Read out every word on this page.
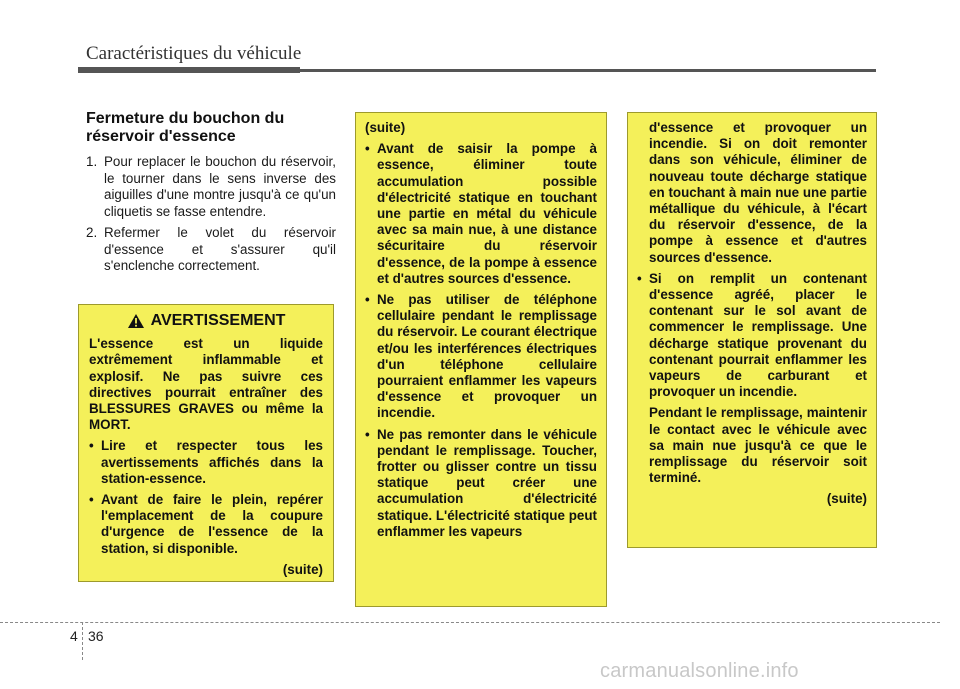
Caractéristiques du véhicule
Fermeture du bouchon du
réservoir d'essence
1. Pour replacer le bouchon du réservoir, le tourner dans le sens inverse des aiguilles d'une montre jusqu'à ce qu'un cliquetis se fasse entendre.
2. Refermer le volet du réservoir d'essence et s'assurer qu'il s'enclenche correctement.
AVERTISSEMENT

L'essence est un liquide extrêmement inflammable et explosif. Ne pas suivre ces directives pourrait entraîner des BLESSURES GRAVES ou même la MORT.

• Lire et respecter tous les avertissements affichés dans la station-essence.
• Avant de faire le plein, repérer l'emplacement de la coupure d'urgence de l'essence de la station, si disponible.

(suite)

(suite)

• Avant de saisir la pompe à essence, éliminer toute accumulation possible d'électricité statique en touchant une partie en métal du véhicule avec sa main nue, à une distance sécuritaire du réservoir d'essence, de la pompe à essence et d'autres sources d'essence.
• Ne pas utiliser de téléphone cellulaire pendant le remplissage du réservoir. Le courant électrique et/ou les interférences électriques d'un téléphone cellulaire pourraient enflammer les vapeurs d'essence et provoquer un incendie.
• Ne pas remonter dans le véhicule pendant le remplissage. Toucher, frotter ou glisser contre un tissu statique peut créer une accumulation d'électricité statique. L'électricité statique peut enflammer les vapeurs

d'essence et provoquer un incendie. Si on doit remonter dans son véhicule, éliminer de nouveau toute décharge statique en touchant à main nue une partie métallique du véhicule, à l'écart du réservoir d'essence, de la pompe à essence et d'autres sources d'essence.

• Si on remplit un contenant d'essence agréé, placer le contenant sur le sol avant de commencer le remplissage. Une décharge statique provenant du contenant pourrait enflammer les vapeurs de carburant et provoquer un incendie.

Pendant le remplissage, maintenir le contact avec le véhicule avec sa main nue jusqu'à ce que le remplissage du réservoir soit terminé.

(suite)

4 36
carmanualsonline.info
